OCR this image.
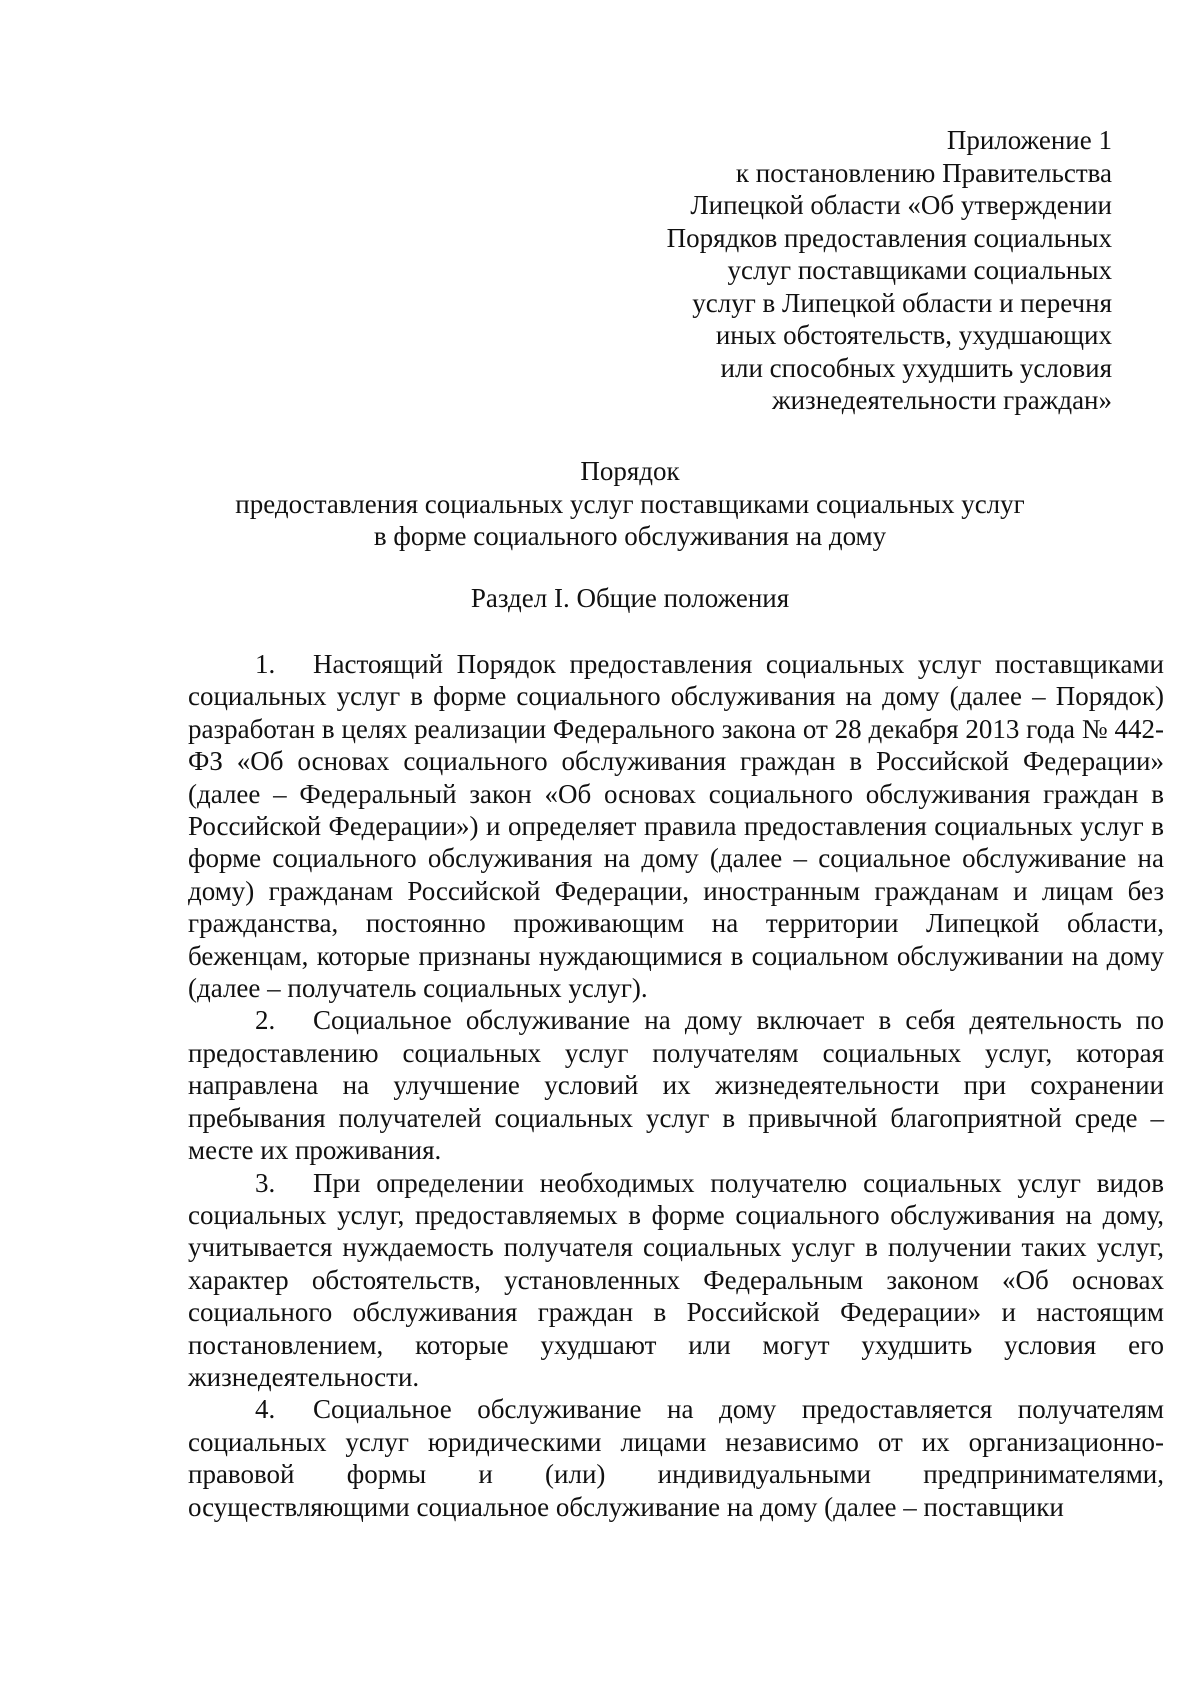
Приложение 1
к постановлению Правительства
Липецкой области «Об утверждении
Порядков предоставления социальных
услуг поставщиками социальных
услуг в Липецкой области и перечня
иных обстоятельств, ухудшающих
или способных ухудшить условия
жизнедеятельности граждан»
Порядок
предоставления социальных услуг поставщиками социальных услуг
в форме социального обслуживания на дому
Раздел I. Общие положения

1. Настоящий Порядок предоставления социальных услуг поставщиками социальных услуг в форме социального обслуживания на дому (далее – Порядок) разработан в целях реализации Федерального закона от 28 декабря 2013 года № 442-ФЗ «Об основах социального обслуживания граждан в Российской Федерации» (далее – Федеральный закон «Об основах социального обслуживания граждан в Российской Федерации») и определяет правила предоставления социальных услуг в форме социального обслуживания на дому (далее – социальное обслуживание на дому) гражданам Российской Федерации, иностранным гражданам и лицам без гражданства, постоянно проживающим на территории Липецкой области, беженцам, которые признаны нуждающимися в социальном обслуживании на дому (далее – получатель социальных услуг).

2. Социальное обслуживание на дому включает в себя деятельность по предоставлению социальных услуг получателям социальных услуг, которая направлена на улучшение условий их жизнедеятельности при сохранении пребывания получателей социальных услуг в привычной благоприятной среде – месте их проживания.

3. При определении необходимых получателю социальных услуг видов социальных услуг, предоставляемых в форме социального обслуживания на дому, учитывается нуждаемость получателя социальных услуг в получении таких услуг, характер обстоятельств, установленных Федеральным законом «Об основах социального обслуживания граждан в Российской Федерации» и настоящим постановлением, которые ухудшают или могут ухудшить условия его жизнедеятельности.

4. Социальное обслуживание на дому предоставляется получателям социальных услуг юридическими лицами независимо от их организационно-правовой формы и (или) индивидуальными предпринимателями, осуществляющими социальное обслуживание на дому (далее – поставщики
